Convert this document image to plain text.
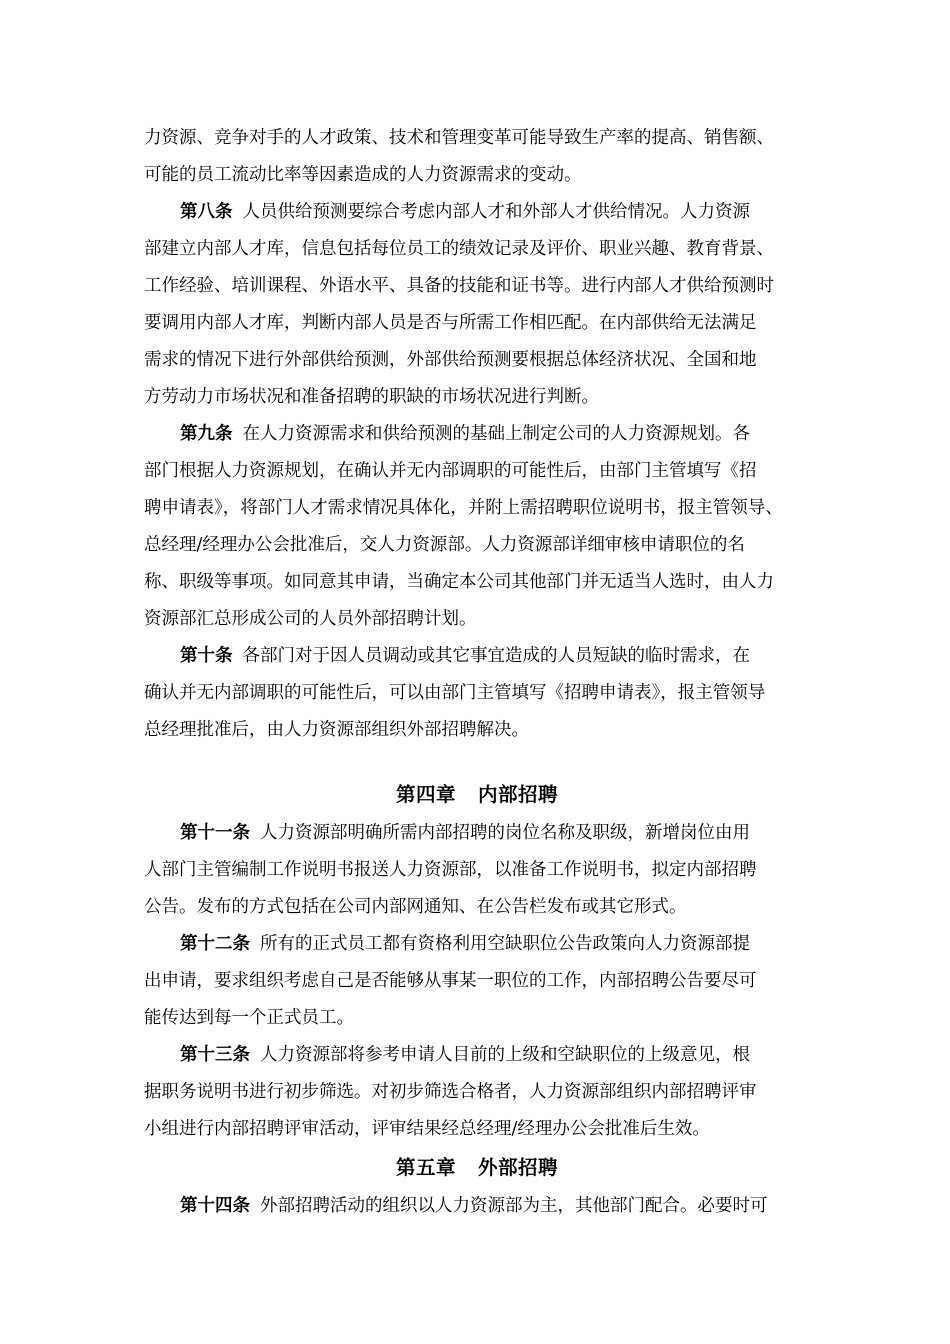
力资源、竞争对手的人才政策、技术和管理变革可能导致生产率的提高、销售额、
可能的员工流动比率等因素造成的人力资源需求的变动。
第八条 人员供给预测要综合考虑内部人才和外部人才供给情况。人力资源
部建立内部人才库，信息包括每位员工的绩效记录及评价、职业兴趣、教育背景、
工作经验、培训课程、外语水平、具备的技能和证书等。进行内部人才供给预测时
要调用内部人才库，判断内部人员是否与所需工作相匹配。在内部供给无法满足
需求的情况下进行外部供给预测，外部供给预测要根据总体经济状况、全国和地
方劳动力市场状况和准备招聘的职缺的市场状况进行判断。
第九条 在人力资源需求和供给预测的基础上制定公司的人力资源规划。各
部门根据人力资源规划，在确认并无内部调职的可能性后，由部门主管填写《招
聘申请表》，将部门人才需求情况具体化，并附上需招聘职位说明书，报主管领导、
总经理/经理办公会批准后，交人力资源部。人力资源部详细审核申请职位的名
称、职级等事项。如同意其申请，当确定本公司其他部门并无适当人选时，由人力
资源部汇总形成公司的人员外部招聘计划。
第十条 各部门对于因人员调动或其它事宜造成的人员短缺的临时需求，在
确认并无内部调职的可能性后，可以由部门主管填写《招聘申请表》，报主管领导
总经理批准后，由人力资源部组织外部招聘解决。
第四章 内部招聘
第十一条 人力资源部明确所需内部招聘的岗位名称及职级，新增岗位由用
人部门主管编制工作说明书报送人力资源部，以准备工作说明书，拟定内部招聘
公告。发布的方式包括在公司内部网通知、在公告栏发布或其它形式。
第十二条 所有的正式员工都有资格利用空缺职位公告政策向人力资源部提
出申请，要求组织考虑自己是否能够从事某一职位的工作，内部招聘公告要尽可
能传达到每一个正式员工。
第十三条 人力资源部将参考申请人目前的上级和空缺职位的上级意见，根
据职务说明书进行初步筛选。对初步筛选合格者，人力资源部组织内部招聘评审
小组进行内部招聘评审活动，评审结果经总经理/经理办公会批准后生效。
第五章 外部招聘
第十四条 外部招聘活动的组织以人力资源部为主，其他部门配合。必要时可
